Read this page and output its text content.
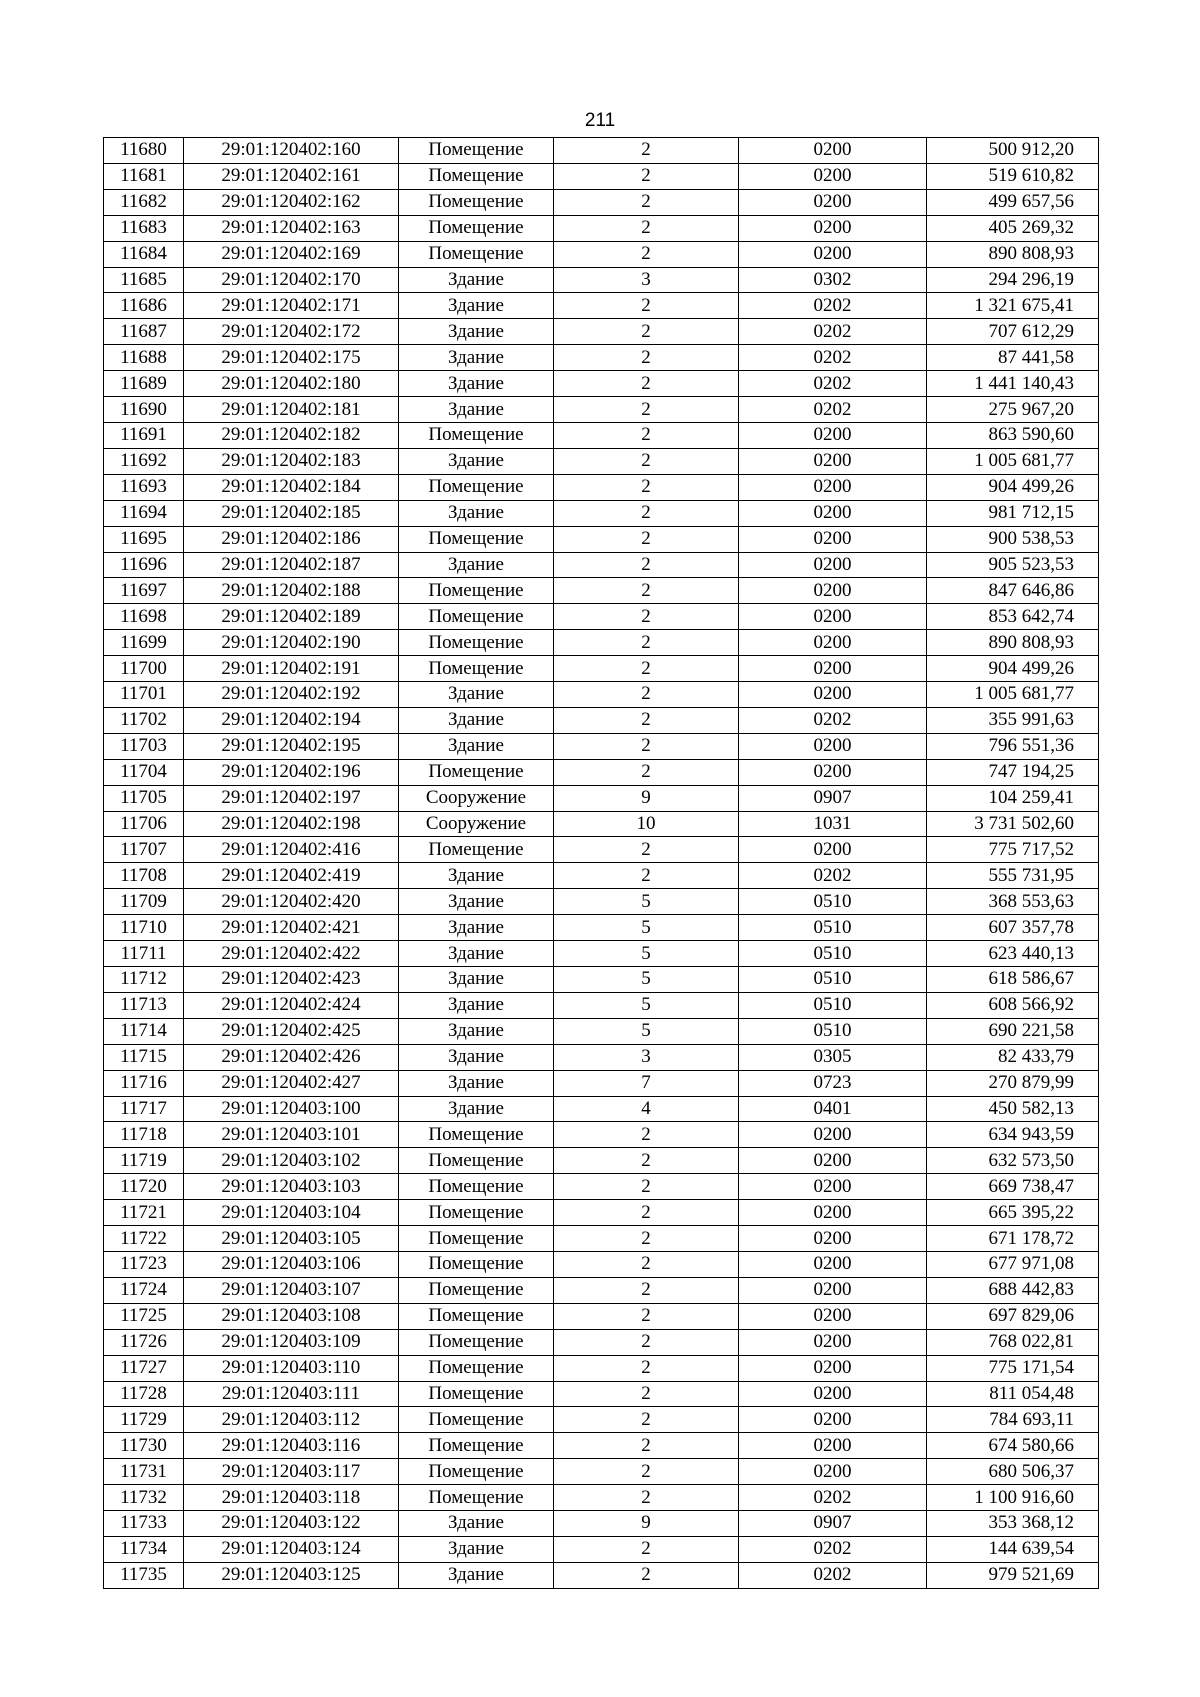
211
11680	29:01:120402:160	Помещение	2	0200	500 912,20
11681	29:01:120402:161	Помещение	2	0200	519 610,82
11682	29:01:120402:162	Помещение	2	0200	499 657,56
11683	29:01:120402:163	Помещение	2	0200	405 269,32
11684	29:01:120402:169	Помещение	2	0200	890 808,93
11685	29:01:120402:170	Здание	3	0302	294 296,19
11686	29:01:120402:171	Здание	2	0202	1 321 675,41
11687	29:01:120402:172	Здание	2	0202	707 612,29
11688	29:01:120402:175	Здание	2	0202	87 441,58
11689	29:01:120402:180	Здание	2	0202	1 441 140,43
11690	29:01:120402:181	Здание	2	0202	275 967,20
11691	29:01:120402:182	Помещение	2	0200	863 590,60
11692	29:01:120402:183	Здание	2	0200	1 005 681,77
11693	29:01:120402:184	Помещение	2	0200	904 499,26
11694	29:01:120402:185	Здание	2	0200	981 712,15
11695	29:01:120402:186	Помещение	2	0200	900 538,53
11696	29:01:120402:187	Здание	2	0200	905 523,53
11697	29:01:120402:188	Помещение	2	0200	847 646,86
11698	29:01:120402:189	Помещение	2	0200	853 642,74
11699	29:01:120402:190	Помещение	2	0200	890 808,93
11700	29:01:120402:191	Помещение	2	0200	904 499,26
11701	29:01:120402:192	Здание	2	0200	1 005 681,77
11702	29:01:120402:194	Здание	2	0202	355 991,63
11703	29:01:120402:195	Здание	2	0200	796 551,36
11704	29:01:120402:196	Помещение	2	0200	747 194,25
11705	29:01:120402:197	Сооружение	9	0907	104 259,41
11706	29:01:120402:198	Сооружение	10	1031	3 731 502,60
11707	29:01:120402:416	Помещение	2	0200	775 717,52
11708	29:01:120402:419	Здание	2	0202	555 731,95
11709	29:01:120402:420	Здание	5	0510	368 553,63
11710	29:01:120402:421	Здание	5	0510	607 357,78
11711	29:01:120402:422	Здание	5	0510	623 440,13
11712	29:01:120402:423	Здание	5	0510	618 586,67
11713	29:01:120402:424	Здание	5	0510	608 566,92
11714	29:01:120402:425	Здание	5	0510	690 221,58
11715	29:01:120402:426	Здание	3	0305	82 433,79
11716	29:01:120402:427	Здание	7	0723	270 879,99
11717	29:01:120403:100	Здание	4	0401	450 582,13
11718	29:01:120403:101	Помещение	2	0200	634 943,59
11719	29:01:120403:102	Помещение	2	0200	632 573,50
11720	29:01:120403:103	Помещение	2	0200	669 738,47
11721	29:01:120403:104	Помещение	2	0200	665 395,22
11722	29:01:120403:105	Помещение	2	0200	671 178,72
11723	29:01:120403:106	Помещение	2	0200	677 971,08
11724	29:01:120403:107	Помещение	2	0200	688 442,83
11725	29:01:120403:108	Помещение	2	0200	697 829,06
11726	29:01:120403:109	Помещение	2	0200	768 022,81
11727	29:01:120403:110	Помещение	2	0200	775 171,54
11728	29:01:120403:111	Помещение	2	0200	811 054,48
11729	29:01:120403:112	Помещение	2	0200	784 693,11
11730	29:01:120403:116	Помещение	2	0200	674 580,66
11731	29:01:120403:117	Помещение	2	0200	680 506,37
11732	29:01:120403:118	Помещение	2	0202	1 100 916,60
11733	29:01:120403:122	Здание	9	0907	353 368,12
11734	29:01:120403:124	Здание	2	0202	144 639,54
11735	29:01:120403:125	Здание	2	0202	979 521,69
